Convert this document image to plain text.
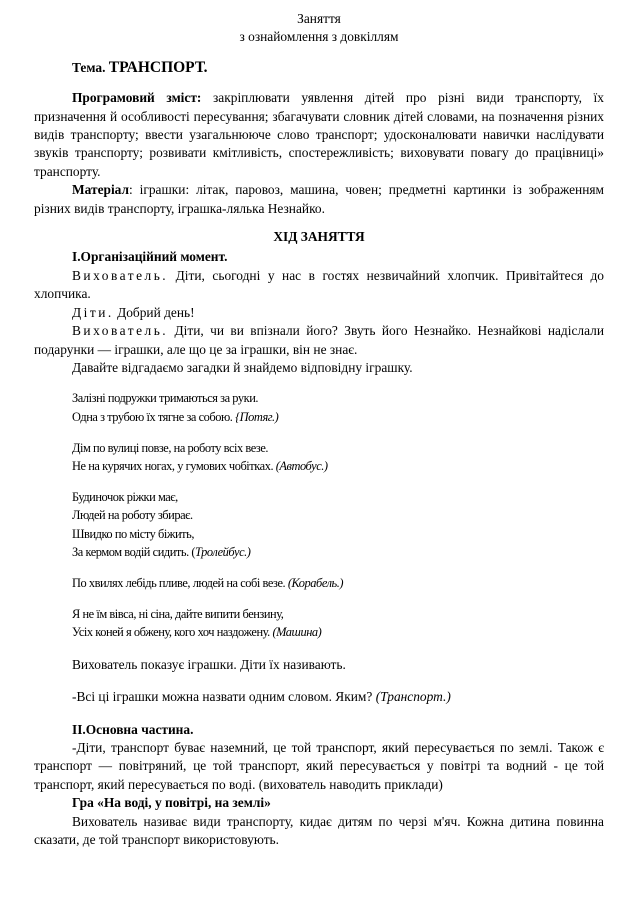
Заняття

з ознайомлення з довкіллям

Тема. ТРАНСПОРТ.

Програмовий зміст: закріплювати уявлення дітей про різні види транспорту, їх призначення й особливості пересування; збагачувати словник дітей словами, на позначення різних видів транспорту; ввести узагальнююче слово транспорт; удосконалювати навички наслідувати звуків транспорту; розвивати кмітливість, спостережливість; виховувати повагу до працівниці» транспорту.

Матеріал: іграшки: літак, паровоз, машина, човен; предметні картинки із зображенням різних видів транспорту, іграшка-лялька Незнайко.

ХІД ЗАНЯТТЯ

І.Організаційний момент.

Вихователь. Діти, сьогодні у нас в гостях незвичайний хлопчик. Привітайтеся до хлопчика.

Діти. Добрий день!

Вихователь. Діти, чи ви впізнали його? Звуть його Незнайко. Незнайкові надіслали подарунки — іграшки, але що це за іграшки, він не знає.

Давайте відгадаємо загадки й знайдемо відповідну іграшку.

Залізні подружки тримаються за руки.

Одна з трубою їх тягне за собою. {Потяг.)

Дім по вулиці повзе, на роботу всіх везе.

Не на курячих ногах, у гумових чобітках. (Автобус.)

Будиночок ріжки має,

Людей на роботу збирає.

Швидко по місту біжить,

За кермом водій сидить. (Тролейбус.)

По хвилях лебідь пливе, людей на собі везе. (Корабель.)

Я не їм вівса, ні сіна, дайте випити бензину,

Усіх коней я обжену, кого хоч наздожену. (Машина)

Вихователь показує іграшки. Діти їх називають.

-Всі ці іграшки можна назвати одним словом. Яким? (Транспорт.)

ІІ.Основна частина.

-Діти, транспорт буває наземний, це той транспорт, який пересувається по землі. Також є транспорт — повітряний, це той транспорт, який пересувається у повітрі та водний - це той транспорт, який пересувається по воді. (вихователь наводить приклади)

Гра «На воді, у повітрі, на землі»

Вихователь називає види транспорту, кидає дитям по черзі м'яч. Кожна дитина повинна сказати, де той транспорт використовують.
